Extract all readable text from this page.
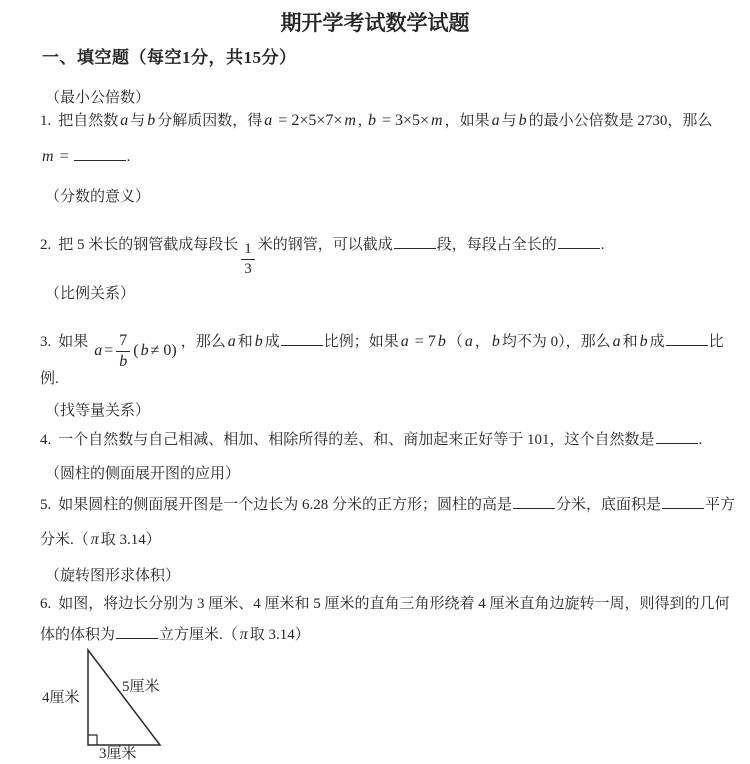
期开学考试数学试题
一、填空题（每空1分，共15分）
（最小公倍数）
1. 把自然数 a 与 b 分解质因数，得 a = 2×5×7× m , b = 3×5× m ，如果 a 与 b 的最小公倍数是 2730，那么
m =	.
（分数的意义）
2. 把 5 米长的钢管截成每段长 $\frac{1}{3}$ 米的钢管，可以截成	段，每段占全长的	.
（比例关系）
3. 如果 $a = \frac{7}{b}$ ( b ≠ 0) ，那么 a 和 b 成	比例；如果 a = 7 b （ a ， b 均不为 0），那么 a 和 b 成	比
例.
（找等量关系）
4. 一个自然数与自己相减、相加、相除所得的差、和、商加起来正好等于 101，这个自然数是	.
（圆柱的侧面展开图的应用）
5. 如果圆柱的侧面展开图是一个边长为 6.28 分米的正方形；圆柱的高是	分米，底面积是	平方
分米.（ π 取 3.14）
（旋转图形求体积）
6. 如图，将边长分别为 3 厘米、4 厘米和 5 厘米的直角三角形绕着 4 厘米直角边旋转一周，则得到的几何
体的体积为	立方厘米.（ π 取 3.14）
4厘米
5厘米
3厘米
